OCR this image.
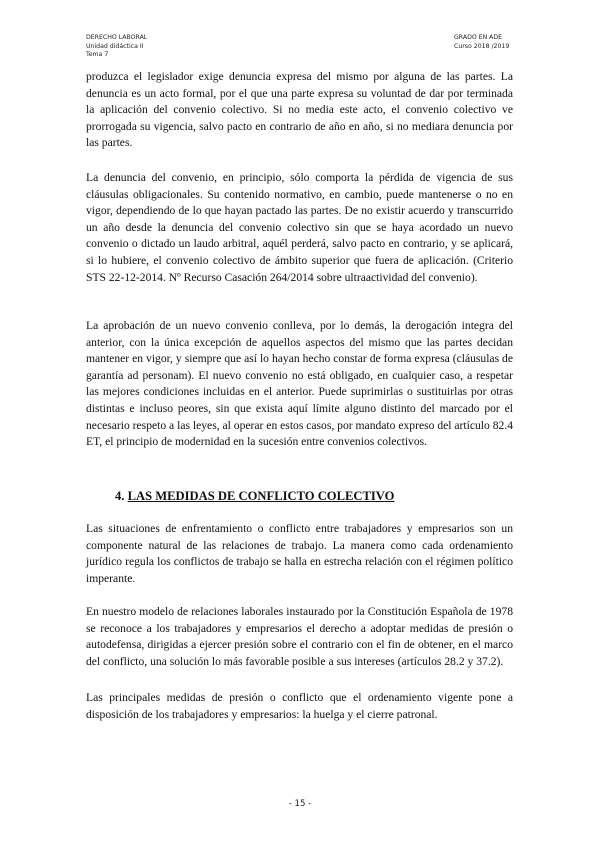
DERECHO LABORAL
Unidad didáctica II
Tema 7
GRADO EN ADE
Curso 2018 /2019

produzca el legislador exige denuncia expresa del mismo por alguna de las partes. La denuncia es un acto formal, por el que una parte expresa su voluntad de dar por terminada la aplicación del convenio colectivo. Si no media este acto, el convenio colectivo ve prorrogada su vigencia, salvo pacto en contrario de año en año, si no mediara denuncia por las partes.

La denuncia del convenio, en principio, sólo comporta la pérdida de vigencia de sus cláusulas obligacionales. Su contenido normativo, en cambio, puede mantenerse o no en vigor, dependiendo de lo que hayan pactado las partes. De no existir acuerdo y transcurrido un año desde la denuncia del convenio colectivo sin que se haya acordado un nuevo convenio o dictado un laudo arbitral, aquél perderá, salvo pacto en contrario, y se aplicará, si lo hubiere, el convenio colectivo de ámbito superior que fuera de aplicación. (Criterio STS 22-12-2014. Nº Recurso Casación 264/2014 sobre ultraactividad del convenio).

La aprobación de un nuevo convenio conlleva, por lo demás, la derogación integra del anterior, con la única excepción de aquellos aspectos del mismo que las partes decidan mantener en vigor, y siempre que así lo hayan hecho constar de forma expresa (cláusulas de garantía ad personam). El nuevo convenio no está obligado, en cualquier caso, a respetar las mejores condiciones incluidas en el anterior. Puede suprimirlas o sustituirlas por otras distintas e incluso peores, sin que exista aquí límite alguno distinto del marcado por el necesario respeto a las leyes, al operar en estos casos, por mandato expreso del artículo 82.4 ET, el principio de modernidad en la sucesión entre convenios colectivos.

4. LAS MEDIDAS DE CONFLICTO COLECTIVO

Las situaciones de enfrentamiento o conflicto entre trabajadores y empresarios son un componente natural de las relaciones de trabajo. La manera como cada ordenamiento jurídico regula los conflictos de trabajo se halla en estrecha relación con el régimen político imperante.

En nuestro modelo de relaciones laborales instaurado por la Constitución Española de 1978 se reconoce a los trabajadores y empresarios el derecho a adoptar medidas de presión o autodefensa, dirigidas a ejercer presión sobre el contrario con el fin de obtener, en el marco del conflicto, una solución lo más favorable posible a sus intereses (artículos 28.2 y 37.2).

Las principales medidas de presión o conflicto que el ordenamiento vigente pone a disposición de los trabajadores y empresarios: la huelga y el cierre patronal.

- 15 -
